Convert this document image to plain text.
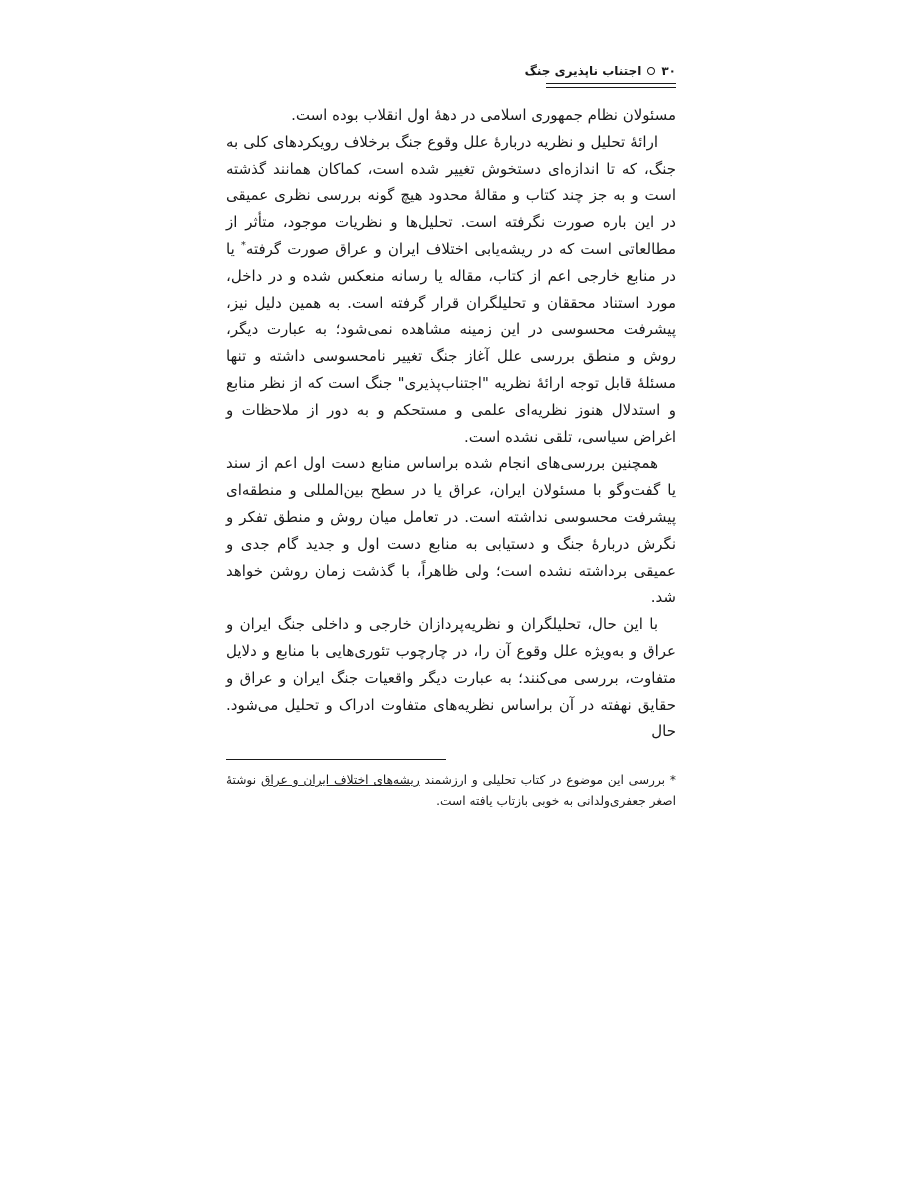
۳۰
اجتناب ناپذیری جنگ

مسئولان نظام جمهوری اسلامی در دههٔ اول انقلاب بوده است.

ارائهٔ تحلیل و نظریه دربارهٔ علل وقوع جنگ برخلاف رویکردهای کلی به جنگ، که تا اندازه‌ای دستخوش تغییر شده است، کماکان همانند گذشته است و به جز چند کتاب و مقالهٔ محدود هیچ گونه بررسی نظری عمیقی در این باره صورت نگرفته است. تحلیل‌ها و نظریات موجود، متأثر از مطالعاتی است که در ریشه‌یابی اختلاف ایران و عراق صورت گرفته* یا در منابع خارجی اعم از کتاب، مقاله یا رسانه منعکس شده و در داخل، مورد استناد محققان و تحلیلگران قرار گرفته است. به همین دلیل نیز، پیشرفت محسوسی در این زمینه مشاهده نمی‌شود؛ به عبارت دیگر، روش و منطق بررسی علل آغاز جنگ تغییر نامحسوسی داشته و تنها مسئلهٔ قابل توجه ارائهٔ نظریه "اجتناب‌پذیری" جنگ است که از نظر منابع و استدلال هنوز نظریه‌ای علمی و مستحکم و به دور از ملاحظات و اغراض سیاسی، تلقی نشده است.

همچنین بررسی‌های انجام شده براساس منابع دست اول اعم از سند یا گفت‌وگو با مسئولان ایران، عراق یا در سطح بین‌المللی و منطقه‌ای پیشرفت محسوسی نداشته است. در تعامل میان روش و منطق تفکر و نگرش دربارهٔ جنگ و دستیابی به منابع دست اول و جدید گام جدی و عمیقی برداشته نشده است؛ ولی ظاهراً، با گذشت زمان روشن خواهد شد.

با این حال، تحلیلگران و نظریه‌پردازان خارجی و داخلی جنگ ایران و عراق و به‌ویژه علل وقوع آن را، در چارچوب تئوری‌هایی با منابع و دلایل متفاوت، بررسی می‌کنند؛ به عبارت دیگر واقعیات جنگ ایران و عراق و حقایق نهفته در آن براساس نظریه‌های متفاوت ادراک و تحلیل می‌شود. حال

* بررسی این موضوع در کتاب تحلیلی و ارزشمند ریشه‌های اختلاف ایران و عراق نوشتهٔ اصغر جعفری‌ولدانی به خوبی بازتاب یافته است.
